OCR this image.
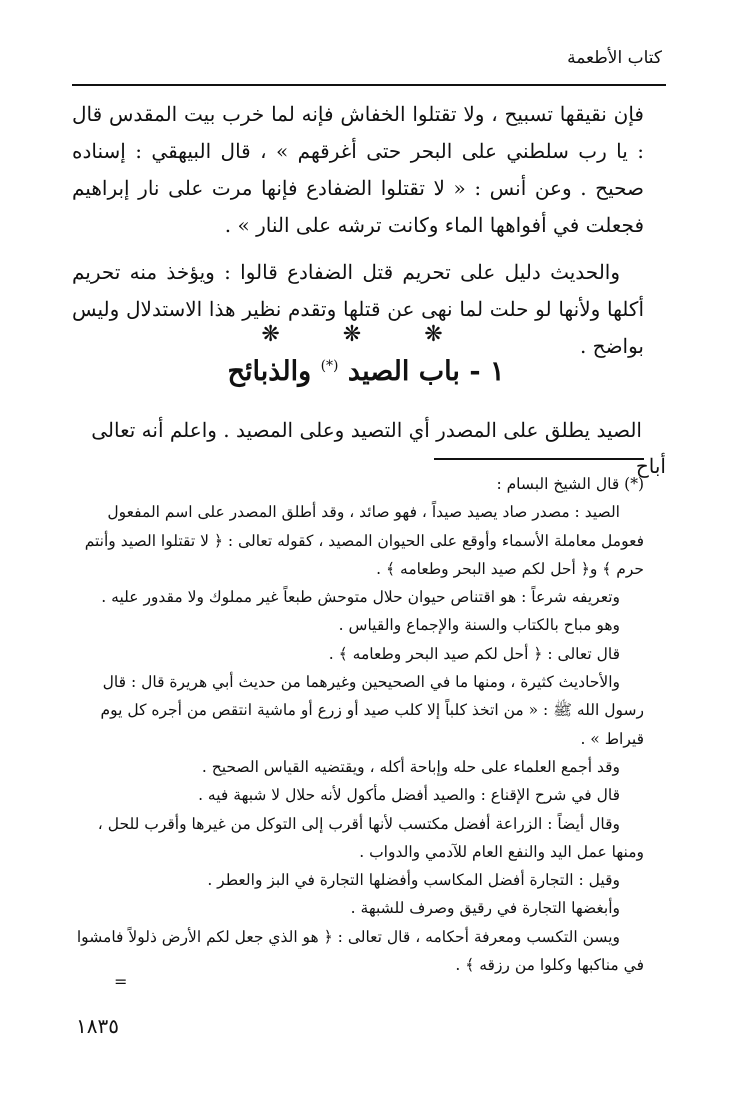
كتاب الأطعمة

فإن نقيقها تسبيح ، ولا تقتلوا الخفاش فإنه لما خرب بيت المقدس قال : يا رب سلطني على البحر حتى أغرقهم » ، قال البيهقي : إسناده صحيح . وعن أنس : « لا تقتلوا الضفادع فإنها مرت على نار إبراهيم فجعلت في أفواهها الماء وكانت ترشه على النار » .

والحديث دليل على تحريم قتل الضفادع قالوا : ويؤخذ منه تحريم أكلها ولأنها لو حلت لما نهى عن قتلها وتقدم نظير هذا الاستدلال وليس بواضح .

❋ ❋ ❋
١ - باب الصيد (*) والذبائح
الصيد يطلق على المصدر أي التصيد وعلى المصيد . واعلم أنه تعالى أباح

(*) قال الشيخ البسام :

الصيد : مصدر صاد يصيد صيداً ، فهو صائد ، وقد أطلق المصدر على اسم المفعول فعومل معاملة الأسماء وأوقع على الحيوان المصيد ، كقوله تعالى : ﴿ لا تقتلوا الصيد وأنتم حرم ﴾ و﴿ أحل لكم صيد البحر وطعامه ﴾ .

وتعريفه شرعاً : هو اقتناص حيوان حلال متوحش طبعاً غير مملوك ولا مقدور عليه .

وهو مباح بالكتاب والسنة والإجماع والقياس .

قال تعالى : ﴿ أحل لكم صيد البحر وطعامه ﴾ .

والأحاديث كثيرة ، ومنها ما في الصحيحين وغيرهما من حديث أبي هريرة قال : قال رسول الله ﷺ : « من اتخذ كلباً إلا كلب صيد أو زرع أو ماشية انتقص من أجره كل يوم قيراط » .

وقد أجمع العلماء على حله وإباحة أكله ، ويقتضيه القياس الصحيح .

قال في شرح الإقناع : والصيد أفضل مأكول لأنه حلال لا شبهة فيه .

وقال أيضاً : الزراعة أفضل مكتسب لأنها أقرب إلى التوكل من غيرها وأقرب للحل ، ومنها عمل اليد والنفع العام للآدمي والدواب .

وقيل : التجارة أفضل المكاسب وأفضلها التجارة في البز والعطر .

وأبغضها التجارة في رقيق وصرف للشبهة .

ويسن التكسب ومعرفة أحكامه ، قال تعالى : ﴿ هو الذي جعل لكم الأرض ذلولاً فامشوا في مناكبها وكلوا من رزقه ﴾ .

=
١٨٣٥
